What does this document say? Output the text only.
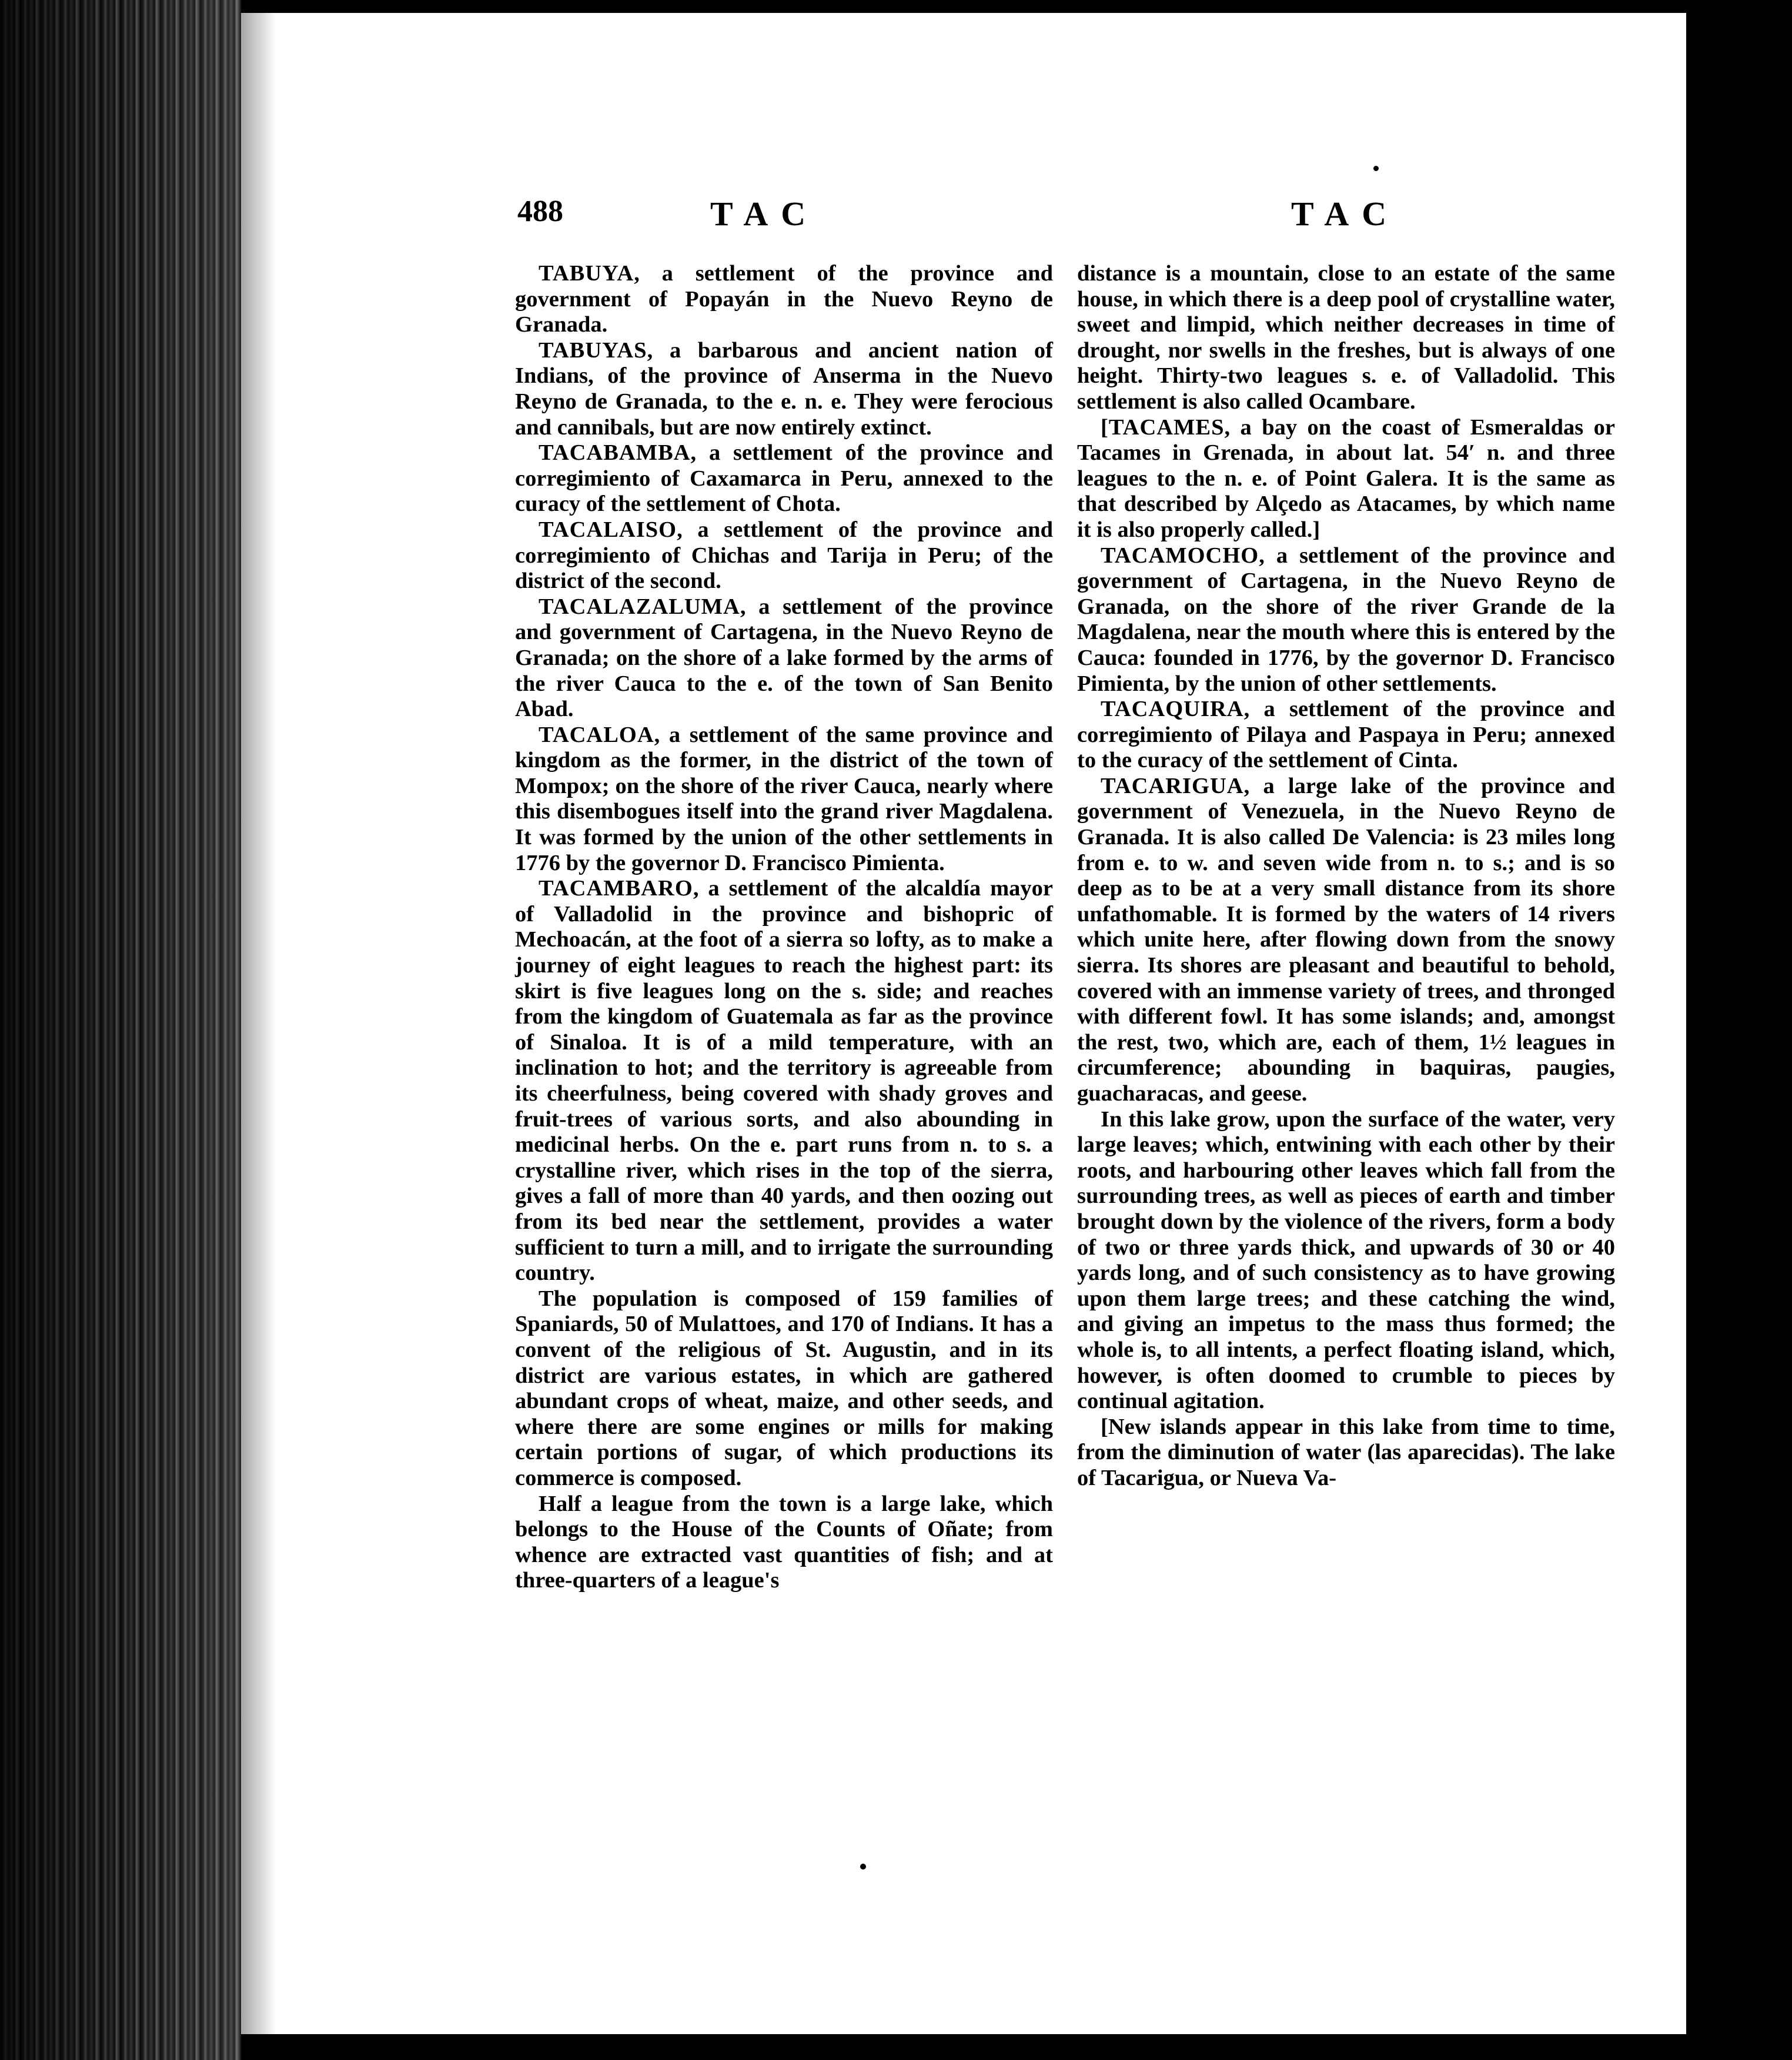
488	TAC	TAC

TABUYA, a settlement of the province and government of Popayán in the Nuevo Reyno de Granada.

TABUYAS, a barbarous and ancient nation of Indians, of the province of Anserma in the Nuevo Reyno de Granada, to the e. n. e. They were ferocious and cannibals, but are now entirely extinct.

TACABAMBA, a settlement of the province and corregimiento of Caxamarca in Peru, annexed to the curacy of the settlement of Chota.

TACALAISO, a settlement of the province and corregimiento of Chichas and Tarija in Peru; of the district of the second.

TACALAZALUMA, a settlement of the province and government of Cartagena, in the Nuevo Reyno de Granada; on the shore of a lake formed by the arms of the river Cauca to the e. of the town of San Benito Abad.

TACALOA, a settlement of the same province and kingdom as the former, in the district of the town of Mompox; on the shore of the river Cauca, nearly where this disembogues itself into the grand river Magdalena. It was formed by the union of the other settlements in 1776 by the governor D. Francisco Pimienta.

TACAMBARO, a settlement of the alcaldía mayor of Valladolid in the province and bishopric of Mechoacán, at the foot of a sierra so lofty, as to make a journey of eight leagues to reach the highest part: its skirt is five leagues long on the s. side; and reaches from the kingdom of Guatemala as far as the province of Sinaloa. It is of a mild temperature, with an inclination to hot; and the territory is agreeable from its cheerfulness, being covered with shady groves and fruit-trees of various sorts, and also abounding in medicinal herbs. On the e. part runs from n. to s. a crystalline river, which rises in the top of the sierra, gives a fall of more than 40 yards, and then oozing out from its bed near the settlement, provides a water sufficient to turn a mill, and to irrigate the surrounding country.

The population is composed of 159 families of Spaniards, 50 of Mulattoes, and 170 of Indians. It has a convent of the religious of St. Augustin, and in its district are various estates, in which are gathered abundant crops of wheat, maize, and other seeds, and where there are some engines or mills for making certain portions of sugar, of which productions its commerce is composed.

Half a league from the town is a large lake, which belongs to the House of the Counts of Oñate; from whence are extracted vast quantities of fish; and at three-quarters of a league's

distance is a mountain, close to an estate of the same house, in which there is a deep pool of crystalline water, sweet and limpid, which neither decreases in time of drought, nor swells in the freshes, but is always of one height. Thirty-two leagues s. e. of Valladolid. This settlement is also called Ocambare.

[TACAMES, a bay on the coast of Esmeraldas or Tacames in Grenada, in about lat. 54′ n. and three leagues to the n. e. of Point Galera. It is the same as that described by Alçedo as Atacames, by which name it is also properly called.]

TACAMOCHO, a settlement of the province and government of Cartagena, in the Nuevo Reyno de Granada, on the shore of the river Grande de la Magdalena, near the mouth where this is entered by the Cauca: founded in 1776, by the governor D. Francisco Pimienta, by the union of other settlements.

TACAQUIRA, a settlement of the province and corregimiento of Pilaya and Paspaya in Peru; annexed to the curacy of the settlement of Cinta.

TACARIGUA, a large lake of the province and government of Venezuela, in the Nuevo Reyno de Granada. It is also called De Valencia: is 23 miles long from e. to w. and seven wide from n. to s.; and is so deep as to be at a very small distance from its shore unfathomable. It is formed by the waters of 14 rivers which unite here, after flowing down from the snowy sierra. Its shores are pleasant and beautiful to behold, covered with an immense variety of trees, and thronged with different fowl. It has some islands; and, amongst the rest, two, which are, each of them, 1½ leagues in circumference; abounding in baquiras, paugies, guacharacas, and geese.

In this lake grow, upon the surface of the water, very large leaves; which, entwining with each other by their roots, and harbouring other leaves which fall from the surrounding trees, as well as pieces of earth and timber brought down by the violence of the rivers, form a body of two or three yards thick, and upwards of 30 or 40 yards long, and of such consistency as to have growing upon them large trees; and these catching the wind, and giving an impetus to the mass thus formed; the whole is, to all intents, a perfect floating island, which, however, is often doomed to crumble to pieces by continual agitation.

[New islands appear in this lake from time to time, from the diminution of water (las aparecidas). The lake of Tacarigua, or Nueva Va-
